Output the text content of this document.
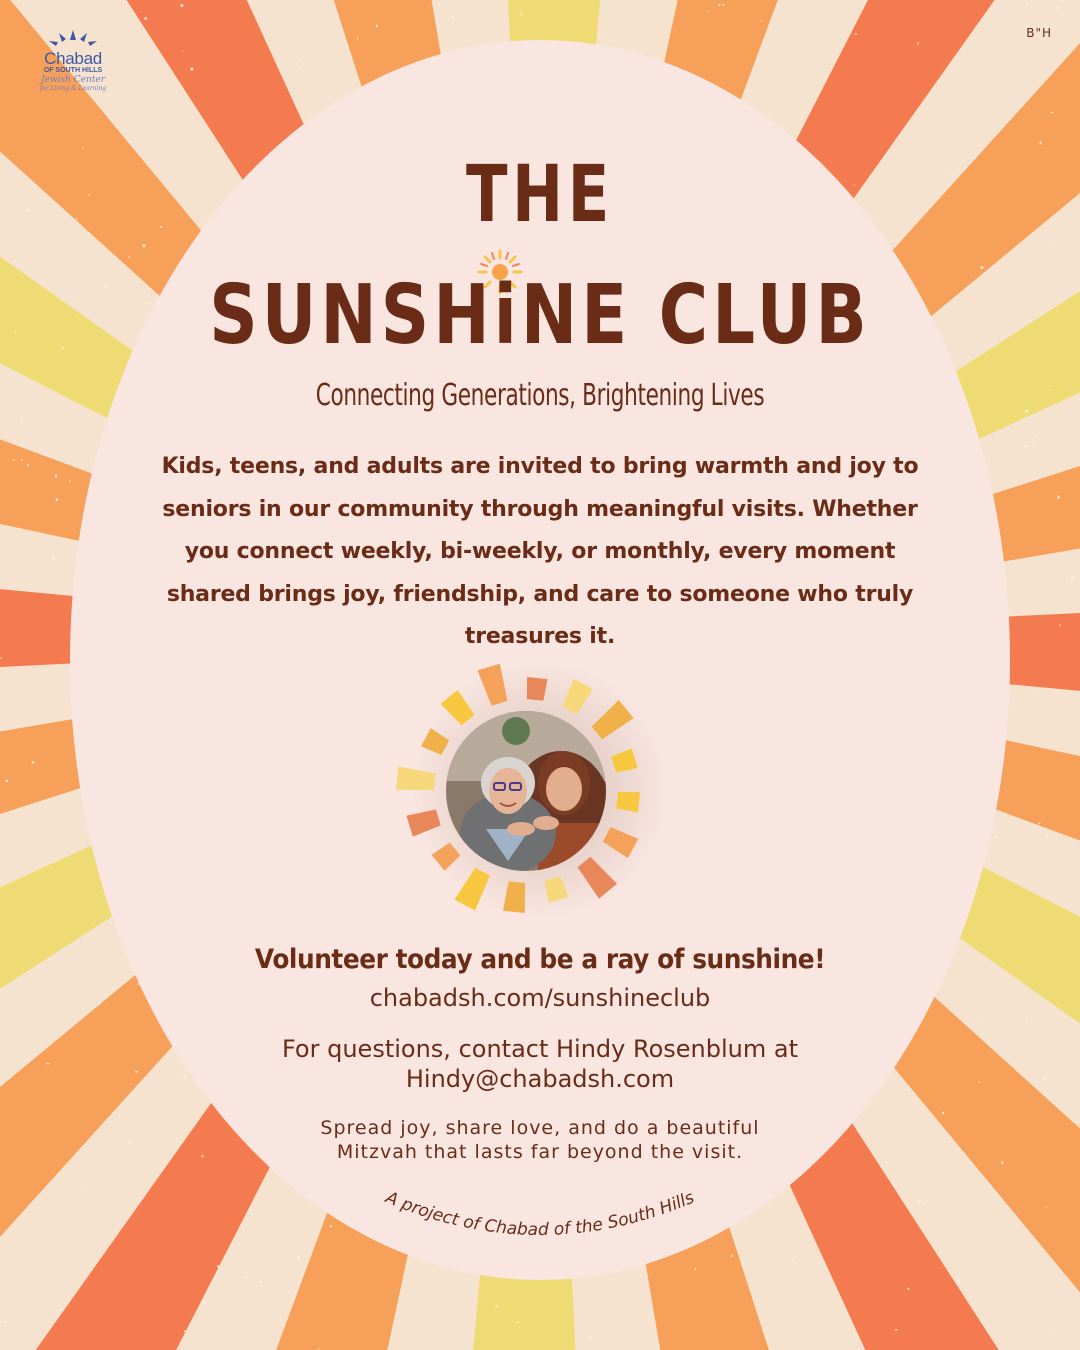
Chabad
OF SOUTH HILLS
Jewish Center
for Living & Learning
B"H
THE
SUNSHiNE CLUB
Connecting Generations, Brightening Lives
Kids, teens, and adults are invited to bring warmth and joy to seniors in our community through meaningful visits. Whether you connect weekly, bi-weekly, or monthly, every moment shared brings joy, friendship, and care to someone who truly treasures it.
Volunteer today and be a ray of sunshine!
chabadsh.com/sunshineclub
For questions, contact Hindy Rosenblum at
Hindy@chabadsh.com
Spread joy, share love, and do a beautiful
Mitzvah that lasts far beyond the visit.
A project of Chabad of the South Hills
